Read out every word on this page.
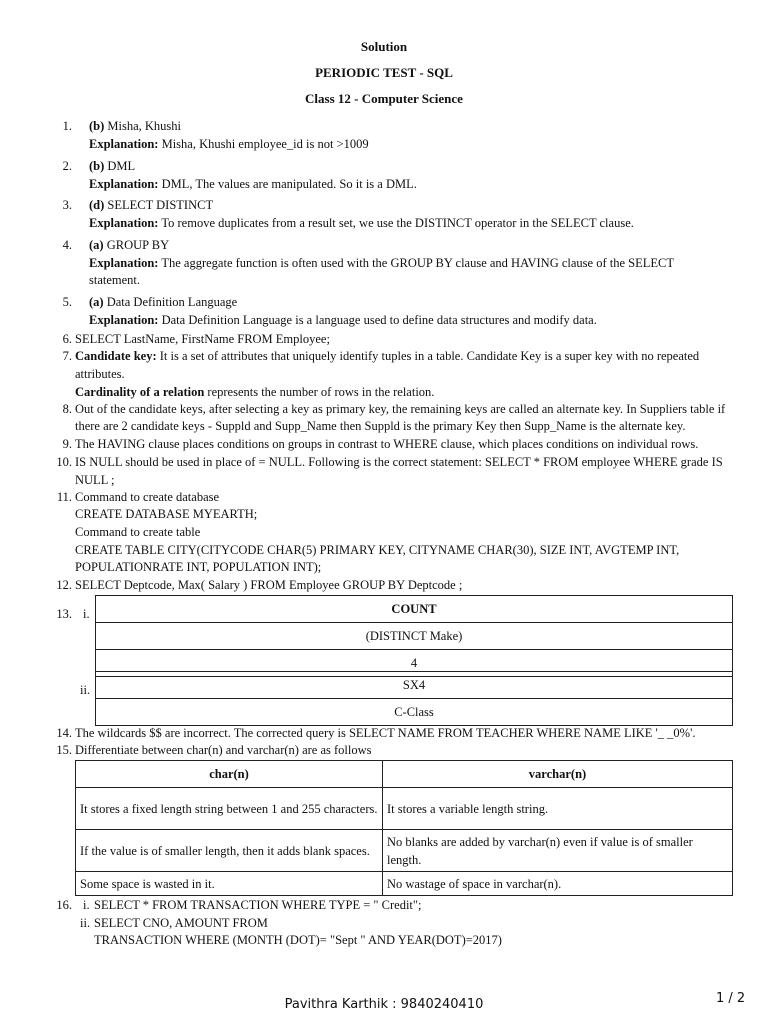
Solution
PERIODIC TEST - SQL
Class 12 - Computer Science
1. (b) Misha, Khushi
Explanation: Misha, Khushi employee_id is not >1009
2. (b) DML
Explanation: DML, The values are manipulated. So it is a DML.
3. (d) SELECT DISTINCT
Explanation: To remove duplicates from a result set, we use the DISTINCT operator in the SELECT clause.
4. (a) GROUP BY
Explanation: The aggregate function is often used with the GROUP BY clause and HAVING clause of the SELECT
statement.
5. (a) Data Definition Language
Explanation: Data Definition Language is a language used to define data structures and modify data.
6. SELECT LastName, FirstName FROM Employee;
7. Candidate key: It is a set of attributes that uniquely identify tuples in a table. Candidate Key is a super key with no repeated
attributes.
Cardinality of a relation represents the number of rows in the relation.
8. Out of the candidate keys, after selecting a key as primary key, the remaining keys are called an alternate key. In Suppliers table if
there are 2 candidate keys - Suppld and Supp_Name then Suppld is the primary Key then Supp_Name is the alternate key.
9. The HAVING clause places conditions on groups in contrast to WHERE clause, which places conditions on individual rows.
10. IS NULL should be used in place of = NULL. Following is the correct statement: SELECT * FROM employee WHERE grade IS
NULL ;
11. Command to create database
CREATE DATABASE MYEARTH;
Command to create table
CREATE TABLE CITY(CITYCODE CHAR(5) PRIMARY KEY, CITYNAME CHAR(30), SIZE INT, AVGTEMP INT,
POPULATIONRATE INT, POPULATION INT);
12. SELECT Deptcode, Max( Salary ) FROM Employee GROUP BY Deptcode ;
13. i.
ii.
COUNT
(DISTINCT Make)
4
SX4
C-Class
14. The wildcards $$ are incorrect. The corrected query is SELECT NAME FROM TEACHER WHERE NAME LIKE '_ _0%'.
15. Differentiate between char(n) and varchar(n) are as follows
char(n)	varchar(n)
It stores a fixed length string between 1 and 255 characters.	It stores a variable length string.
If the value is of smaller length, then it adds blank spaces.	No blanks are added by varchar(n) even if value is of smaller length.
Some space is wasted in it.	No wastage of space in varchar(n).
16. i. SELECT * FROM TRANSACTION WHERE TYPE = " Credit";
ii. SELECT CNO, AMOUNT FROM
TRANSACTION WHERE (MONTH (DOT)= "Sept " AND YEAR(DOT)=2017)
Pavithra Karthik : 9840240410	1 / 2
